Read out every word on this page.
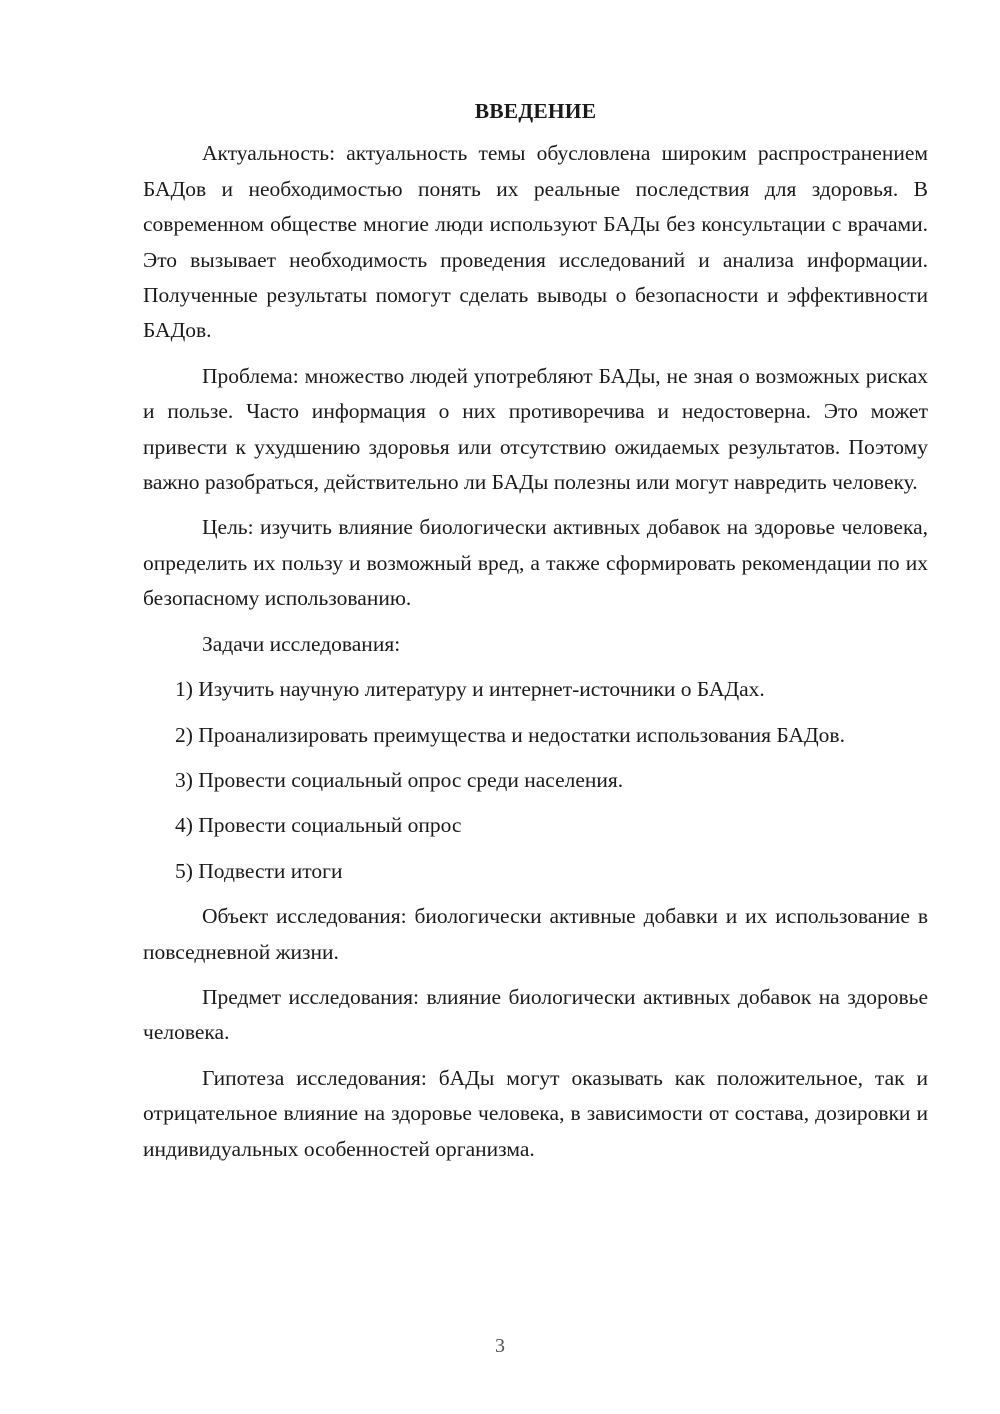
ВВЕДЕНИЕ

Актуальность: актуальность темы обусловлена широким распространением БАДов и необходимостью понять их реальные последствия для здоровья. В современном обществе многие люди используют БАДы без консультации с врачами. Это вызывает необходимость проведения исследований и анализа информации. Полученные результаты помогут сделать выводы о безопасности и эффективности БАДов.

Проблема: множество людей употребляют БАДы, не зная о возможных рисках и пользе. Часто информация о них противоречива и недостоверна. Это может привести к ухудшению здоровья или отсутствию ожидаемых результатов. Поэтому важно разобраться, действительно ли БАДы полезны или могут навредить человеку.

Цель: изучить влияние биологически активных добавок на здоровье человека, определить их пользу и возможный вред, а также сформировать рекомендации по их безопасному использованию.

Задачи исследования:

1) Изучить научную литературу и интернет-источники о БАДах.

2) Проанализировать преимущества и недостатки использования БАДов.

3) Провести социальный опрос среди населения.

4) Провести социальный опрос

5) Подвести итоги

Объект исследования: биологически активные добавки и их использование в повседневной жизни.

Предмет исследования: влияние биологически активных добавок на здоровье человека.

Гипотеза исследования: бАДы могут оказывать как положительное, так и отрицательное влияние на здоровье человека, в зависимости от состава, дозировки и индивидуальных особенностей организма.

3
